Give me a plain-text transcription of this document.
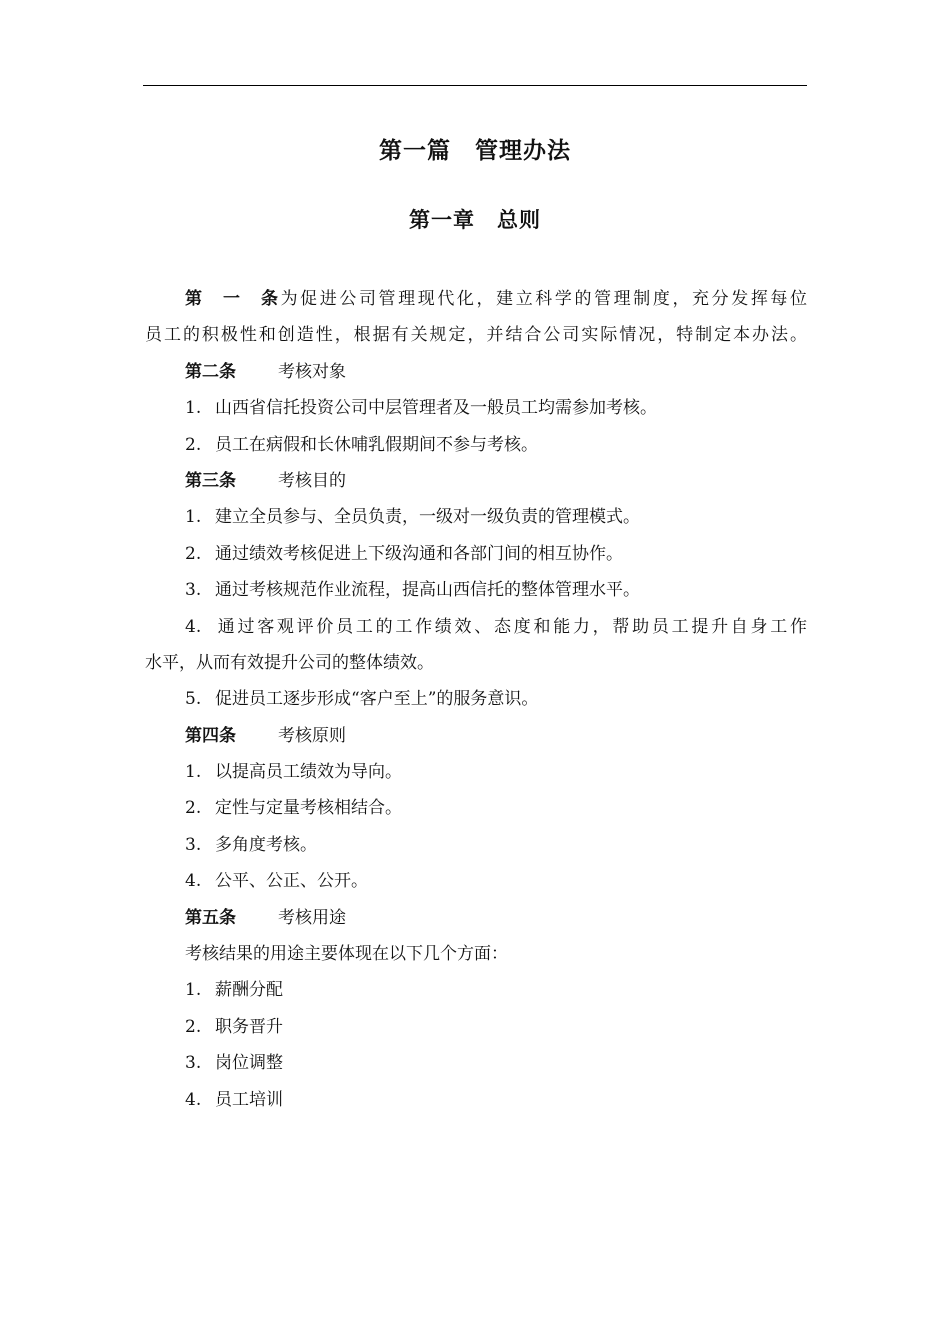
第一篇　管理办法
第一章　总则
第一条为促进公司管理现代化，建立科学的管理制度，充分发挥每位
员工的积极性和创造性，根据有关规定，并结合公司实际情况，特制定本办法。
第二条 考核对象
1. 山西省信托投资公司中层管理者及一般员工均需参加考核。
2. 员工在病假和长休哺乳假期间不参与考核。
第三条 考核目的
1. 建立全员参与、全员负责，一级对一级负责的管理模式。
2. 通过绩效考核促进上下级沟通和各部门间的相互协作。
3. 通过考核规范作业流程，提高山西信托的整体管理水平。
4. 通过客观评价员工的工作绩效、态度和能力，帮助员工提升自身工作
水平，从而有效提升公司的整体绩效。
5. 促进员工逐步形成“客户至上”的服务意识。
第四条 考核原则
1. 以提高员工绩效为导向。
2. 定性与定量考核相结合。
3. 多角度考核。
4. 公平、公正、公开。
第五条 考核用途
考核结果的用途主要体现在以下几个方面：
1. 薪酬分配
2. 职务晋升
3. 岗位调整
4. 员工培训
